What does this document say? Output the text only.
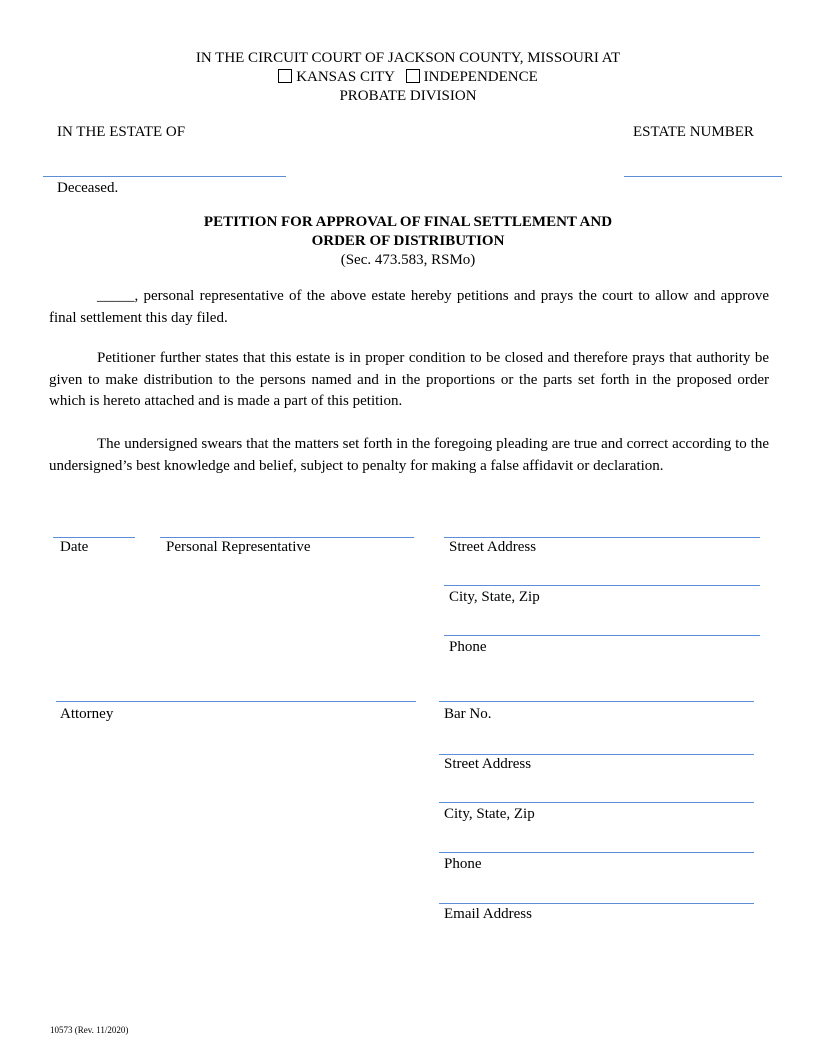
IN THE CIRCUIT COURT OF JACKSON COUNTY, MISSOURI AT
KANSAS CITY INDEPENDENCE
PROBATE DIVISION
IN THE ESTATE OF	ESTATE NUMBER
Deceased.
PETITION FOR APPROVAL OF FINAL SETTLEMENT AND
ORDER OF DISTRIBUTION
(Sec. 473.583, RSMo)
_____, personal representative of the above estate hereby petitions and prays the court to allow and approve final settlement this day filed.
Petitioner further states that this estate is in proper condition to be closed and therefore prays that authority be given to make distribution to the persons named and in the proportions or the parts set forth in the proposed order which is hereto attached and is made a part of this petition.
The undersigned swears that the matters set forth in the foregoing pleading are true and correct according to the undersigned’s best knowledge and belief, subject to penalty for making a false affidavit or declaration.
Date	Personal Representative	Street Address
City, State, Zip
Phone
Attorney	Bar No.
Street Address
City, State, Zip
Phone
Email Address
10573 (Rev. 11/2020)
